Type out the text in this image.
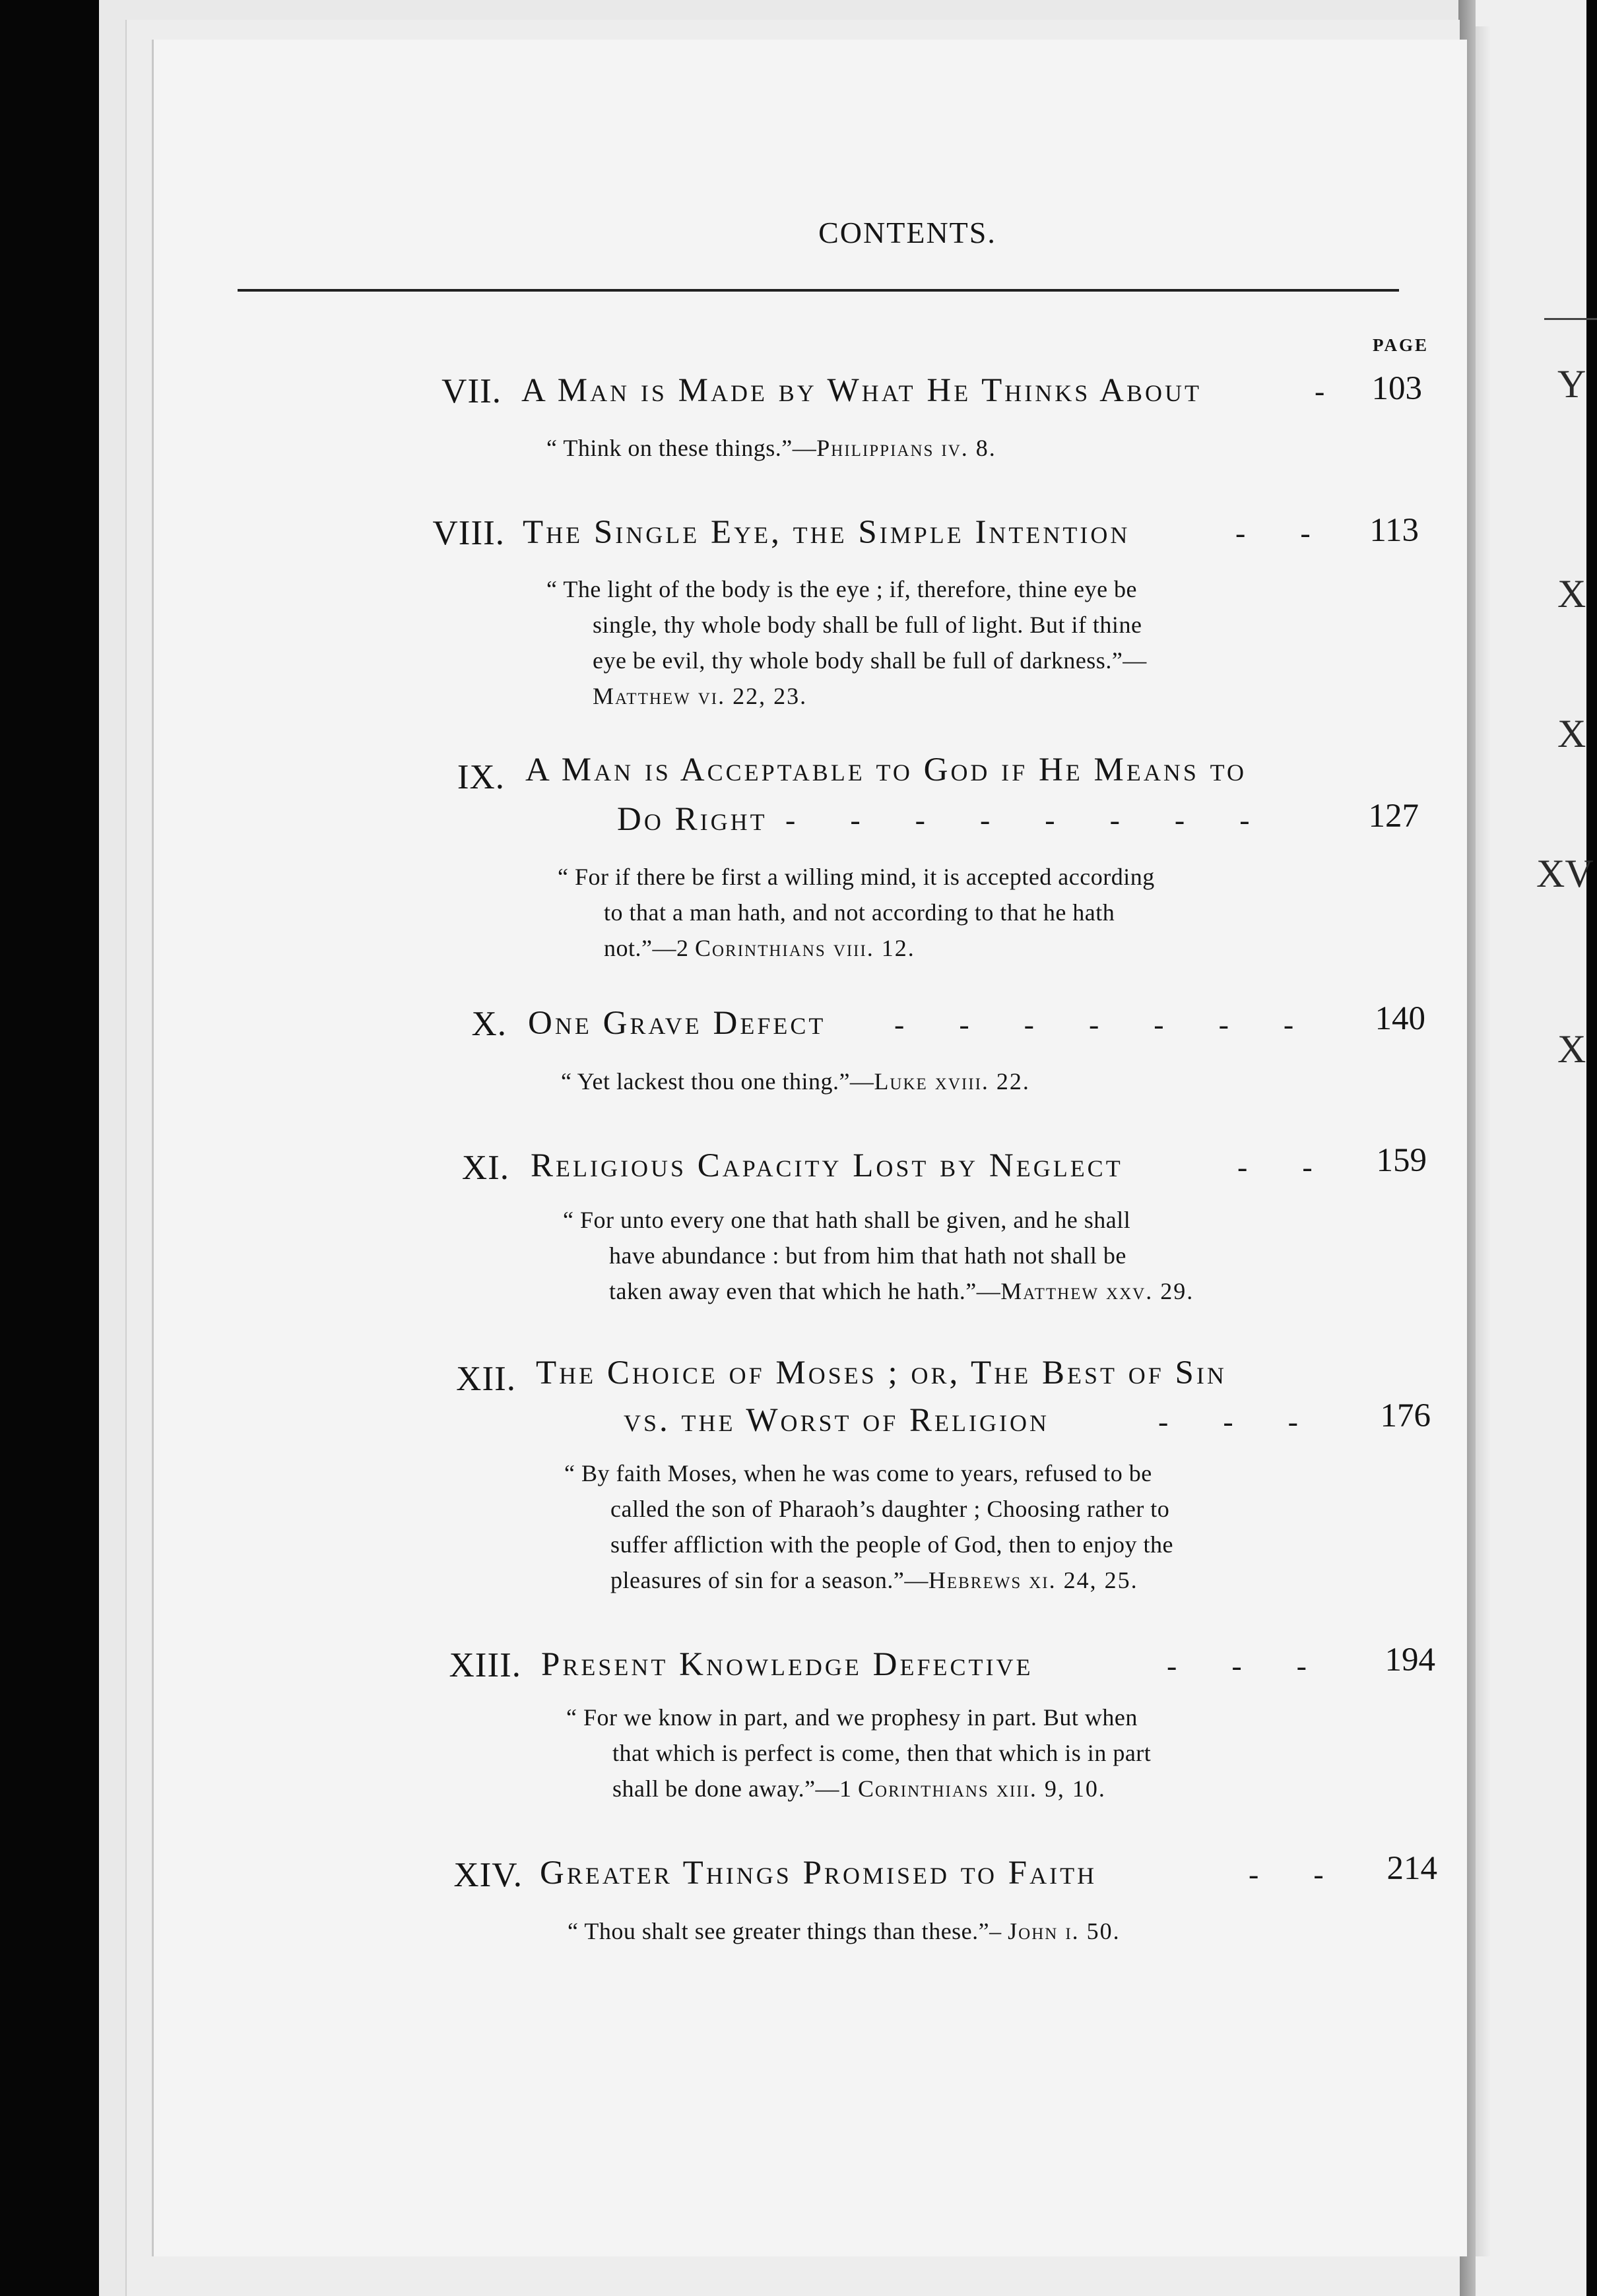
Y
X
X
XV
X
CONTENTS.
PAGE
VII. A Man is Made by What He Thinks About	-	103
“ Think on these things.”—Philippians iv. 8.
VIII. The Single Eye, the Simple Intention	-      -	113
“ The light of the body is the eye ; if, therefore, thine eye be
single, thy whole body shall be full of light. But if thine
eye be evil, thy whole body shall be full of darkness.”—
Matthew vi. 22, 23.
IX. A Man is Acceptable to God if He Means to
Do Right -      -      -      -      -      -      -      -	127
“ For if there be first a willing mind, it is accepted according
to that a man hath, and not according to that he hath
not.”—2 Corinthians viii. 12.
X. One Grave Defect -      -      -      -      -      -      -	140
“ Yet lackest thou one thing.”—Luke xviii. 22.
XI. Religious Capacity Lost by Neglect	-      -	159
“ For unto every one that hath shall be given, and he shall
have abundance : but from him that hath not shall be
taken away even that which he hath.”—Matthew xxv. 29.
XII. The Choice of Moses ; or, The Best of Sin
vs. the Worst of Religion	-      -      -	176
“ By faith Moses, when he was come to years, refused to be
called the son of Pharaoh’s daughter ; Choosing rather to
suffer affliction with the people of God, then to enjoy the
pleasures of sin for a season.”—Hebrews xi. 24, 25.
XIII. Present Knowledge Defective	-      -      -	194
“ For we know in part, and we prophesy in part. But when
that which is perfect is come, then that which is in part
shall be done away.”—1 Corinthians xiii. 9, 10.
XIV. Greater Things Promised to Faith	-      -	214
“ Thou shalt see greater things than these.”– John i. 50.
